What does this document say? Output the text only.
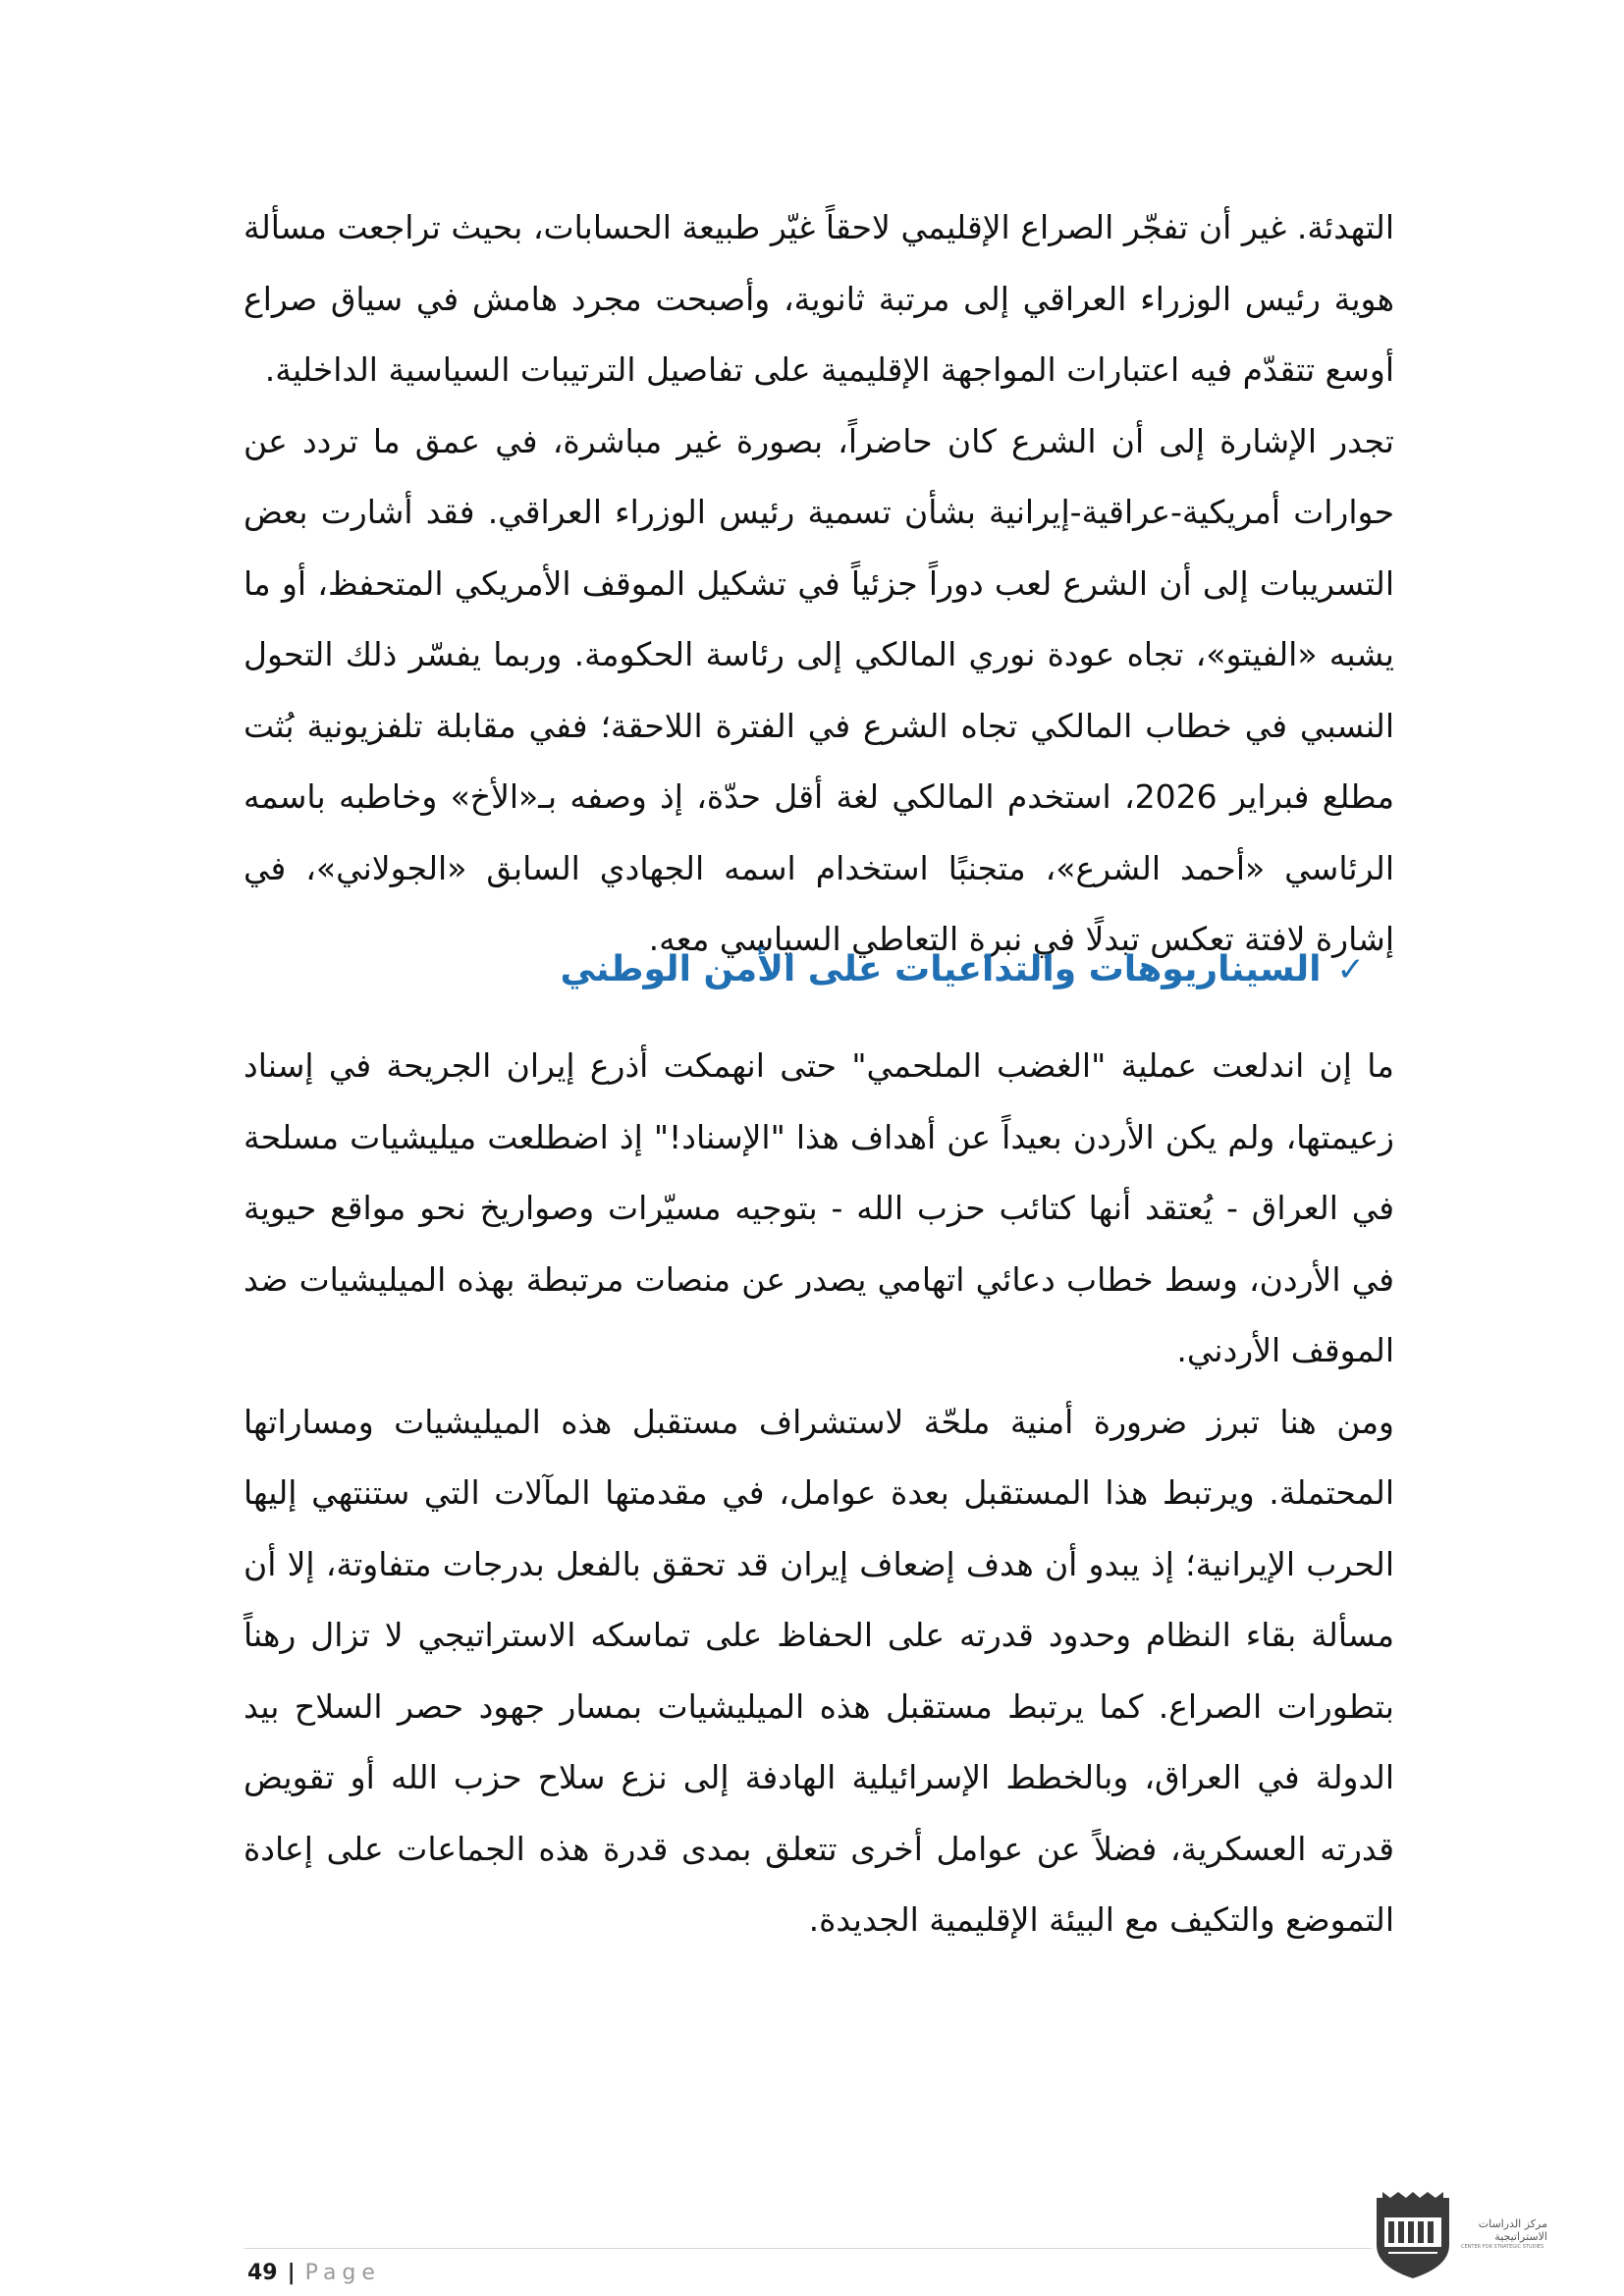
التهدئة. غير أن تفجّر الصراع الإقليمي لاحقاً غيّر طبيعة الحسابات، بحيث تراجعت مسألة هوية رئيس الوزراء العراقي إلى مرتبة ثانوية، وأصبحت مجرد هامش في سياق صراع أوسع تتقدّم فيه اعتبارات المواجهة الإقليمية على تفاصيل الترتيبات السياسية الداخلية.

تجدر الإشارة إلى أن الشرع كان حاضراً، بصورة غير مباشرة، في عمق ما تردد عن حوارات أمريكية-عراقية-إيرانية بشأن تسمية رئيس الوزراء العراقي. فقد أشارت بعض التسريبات إلى أن الشرع لعب دوراً جزئياً في تشكيل الموقف الأمريكي المتحفظ، أو ما يشبه «الفيتو»، تجاه عودة نوري المالكي إلى رئاسة الحكومة. وربما يفسّر ذلك التحول النسبي في خطاب المالكي تجاه الشرع في الفترة اللاحقة؛ ففي مقابلة تلفزيونية بُثت مطلع فبراير 2026، استخدم المالكي لغة أقل حدّة، إذ وصفه بـ«الأخ» وخاطبه باسمه الرئاسي «أحمد الشرع»، متجنبًا استخدام اسمه الجهادي السابق «الجولاني»، في إشارة لافتة تعكس تبدلًا في نبرة التعاطي السياسي معه.

✓
السيناريوهات والتداعيات على الأمن الوطني

ما إن اندلعت عملية "الغضب الملحمي" حتى انهمكت أذرع إيران الجريحة في إسناد زعيمتها، ولم يكن الأردن بعيداً عن أهداف هذا "الإسناد!" إذ اضطلعت ميليشيات مسلحة في العراق - يُعتقد أنها كتائب حزب الله - بتوجيه مسيّرات وصواريخ نحو مواقع حيوية في الأردن، وسط خطاب دعائي اتهامي يصدر عن منصات مرتبطة بهذه الميليشيات ضد الموقف الأردني.

ومن هنا تبرز ضرورة أمنية ملحّة لاستشراف مستقبل هذه الميليشيات ومساراتها المحتملة. ويرتبط هذا المستقبل بعدة عوامل، في مقدمتها المآلات التي ستنتهي إليها الحرب الإيرانية؛ إذ يبدو أن هدف إضعاف إيران قد تحقق بالفعل بدرجات متفاوتة، إلا أن مسألة بقاء النظام وحدود قدرته على الحفاظ على تماسكه الاستراتيجي لا تزال رهناً بتطورات الصراع. كما يرتبط مستقبل هذه الميليشيات بمسار جهود حصر السلاح بيد الدولة في العراق، وبالخطط الإسرائيلية الهادفة إلى نزع سلاح حزب الله أو تقويض قدرته العسكرية، فضلاً عن عوامل أخرى تتعلق بمدى قدرة هذه الجماعات على إعادة التموضع والتكيف مع البيئة الإقليمية الجديدة.

49 | Page
مركز الدراسات
الاستراتيجية
CENTER FOR STRATEGIC STUDIES
